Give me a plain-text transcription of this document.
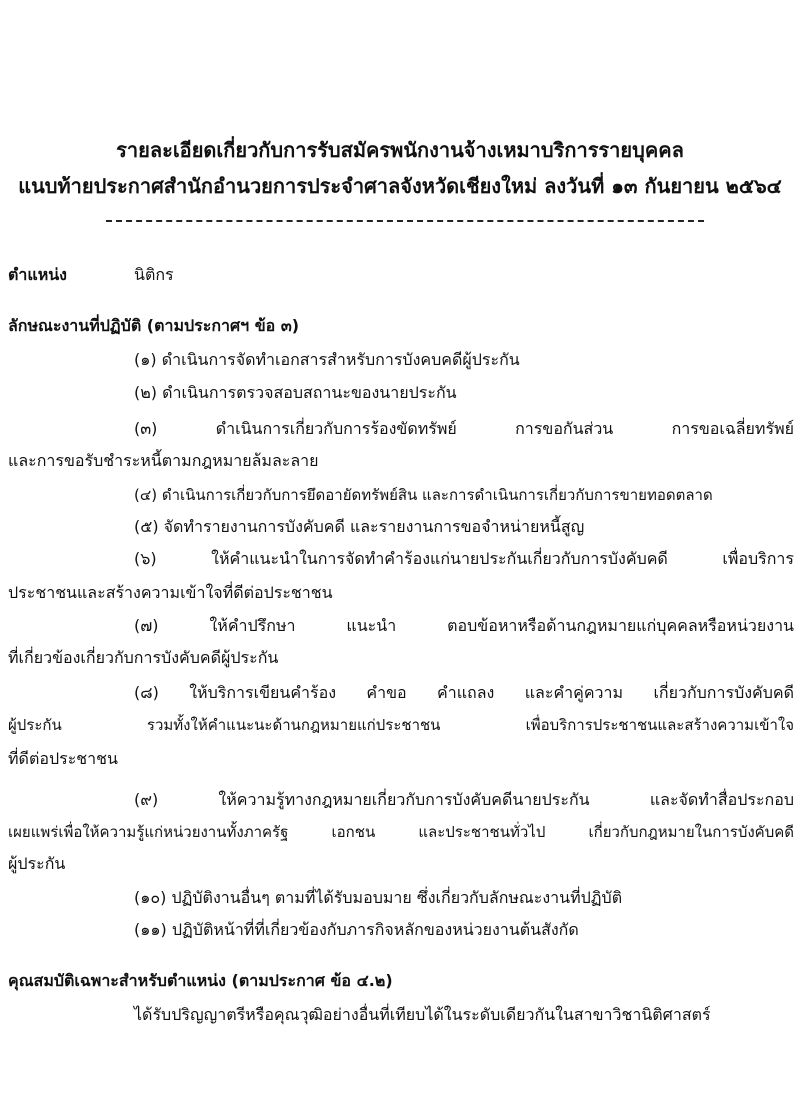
รายละเอียดเกี่ยวกับการรับสมัครพนักงานจ้างเหมาบริการรายบุคคล
แนบท้ายประกาศสำนักอำนวยการประจำศาลจังหวัดเชียงใหม่ ลงวันที่ ๑๓ กันยายน ๒๕๖๔
ตำแหน่ง	นิติกร
ลักษณะงานที่ปฏิบัติ (ตามประกาศฯ ข้อ ๓)
(๑) ดำเนินการจัดทำเอกสารสำหรับการบังคบคดีผู้ประกัน
(๒) ดำเนินการตรวจสอบสถานะของนายประกัน
(๓) ดำเนินการเกี่ยวกับการร้องขัดทรัพย์ การขอกันส่วน การขอเฉลี่ยทรัพย์
และการขอรับชำระหนี้ตามกฎหมายล้มละลาย
(๔) ดำเนินการเกี่ยวกับการยึดอายัดทรัพย์สิน และการดำเนินการเกี่ยวกับการขายทอดตลาด
(๕) จัดทำรายงานการบังคับคดี และรายงานการขอจำหน่ายหนี้สูญ
(๖) ให้คำแนะนำในการจัดทำคำร้องแก่นายประกันเกี่ยวกับการบังคับคดี เพื่อบริการ
ประชาชนและสร้างความเข้าใจที่ดีต่อประชาชน
(๗) ให้คำปรึกษา แนะนำ ตอบข้อหาหรือด้านกฎหมายแก่บุคคลหรือหน่วยงาน
ที่เกี่ยวข้องเกี่ยวกับการบังคับคดีผู้ประกัน
(๘) ให้บริการเขียนคำร้อง คำขอ คำแถลง และคำคู่ความ เกี่ยวกับการบังคับคดี
ผู้ประกัน รวมทั้งให้คำแนะนะด้านกฎหมายแก่ประชาชน เพื่อบริการประชาชนและสร้างความเข้าใจ
ที่ดีต่อประชาชน
(๙) ให้ความรู้ทางกฎหมายเกี่ยวกับการบังคับคดีนายประกัน และจัดทำสื่อประกอบ
เผยแพร่เพื่อให้ความรู้แก่หน่วยงานทั้งภาครัฐ เอกชน และประชาชนทั่วไป เกี่ยวกับกฎหมายในการบังคับคดี
ผู้ประกัน
(๑๐) ปฏิบัติงานอื่นๆ ตามที่ได้รับมอบมาย ซึ่งเกี่ยวกับลักษณะงานที่ปฏิบัติ
(๑๑) ปฏิบัติหน้าที่ที่เกี่ยวข้องกับภารกิจหลักของหน่วยงานต้นสังกัด
คุณสมบัติเฉพาะสำหรับตำแหน่ง (ตามประกาศ ข้อ ๔.๒)
ได้รับปริญญาตรีหรือคุณวุฒิอย่างอื่นที่เทียบได้ในระดับเดียวกันในสาขาวิชานิติศาสตร์
